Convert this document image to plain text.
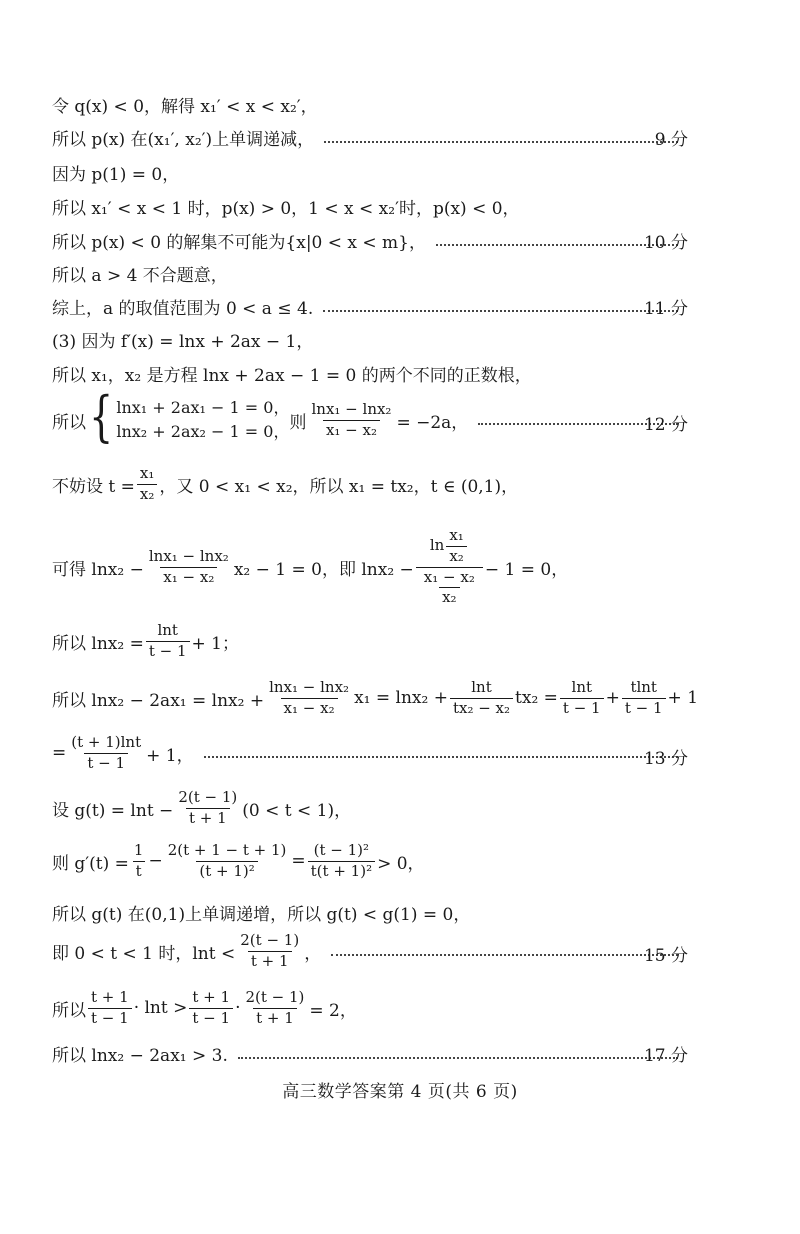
令 q(x) < 0，解得 x₁′ < x < x₂′，
所以 p(x) 在(x₁′, x₂′)上单调递减，	9 分
因为 p(1) = 0，
所以 x₁′ < x < 1 时，p(x) > 0，1 < x < x₂′时，p(x) < 0，
所以 p(x) < 0 的解集不可能为{x|0 < x < m}，	10 分
所以 a > 4 不合题意，
综上，a 的取值范围为 0 < a ≤ 4.	11 分
(3) 因为 f′(x) = lnx + 2ax − 1，
所以 x₁，x₂ 是方程 lnx + 2ax − 1 = 0 的两个不同的正数根，
所以 { lnx₁ + 2ax₁ − 1 = 0，
lnx₂ + 2ax₂ − 1 = 0， 则 $\frac{\text{lnx₁ − lnx₂}}{\text{x₁ − x₂}} = -2a$，	12 分
不妨设 $t = \frac{\text{x₁}}{\text{x₂}}$ ，又 0 < x₁ < x₂，所以 x₁ = tx₂，t ∈ (0,1)，
可得 $\ln x_2 - \frac{\text{lnx₁ − lnx₂}}{\text{x₁ − x₂}} x_2 - 1 = 0$，即 $\ln x_2 - \frac{\ln \frac{\text{x₁}}{\text{x₂}}}{\frac{\text{x₁ − x₂}}{\text{x₂}}} - 1 = 0$，
所以 $\ln x_2 = \frac{\ln t}{t - 1} + 1$；
所以 $\ln x_2 - 2ax_1 = \ln x_2 + \frac{\text{lnx₁ − lnx₂}}{\text{x₁ − x₂}} x_1 = \ln x_2 + \frac{\ln t}{\text{tx₂ − x₂}} tx_2 = \frac{\ln t}{t - 1} + \frac{tlnt}{t - 1} + 1$
= $\frac{(t + 1)\ln t}{t - 1} + 1$，	13 分
设 $g(t) = \ln t - \frac{2(t - 1)}{t + 1} (0 < t < 1)$，
则 $g'(t) = \frac{1}{t} - \frac{2(t + 1 - t + 1)}{\text{(t + 1)²}} = \frac{\text{(t − 1)²}}{\text{t(t + 1)²}} > 0$，
所以 g(t) 在(0,1)上单调递增，所以 g(t) < g(1) = 0，
即 0 < t < 1 时，$\ln t < \frac{2(t - 1)}{t + 1}$ ，	15 分
所以 $\frac{t + 1}{t - 1} \cdot \ln t > \frac{t + 1}{t - 1} \cdot \frac{2(t - 1)}{t + 1} = 2$，
所以 lnx₂ − 2ax₁ > 3.	17 分
高三数学答案第 4 页(共 6 页)
